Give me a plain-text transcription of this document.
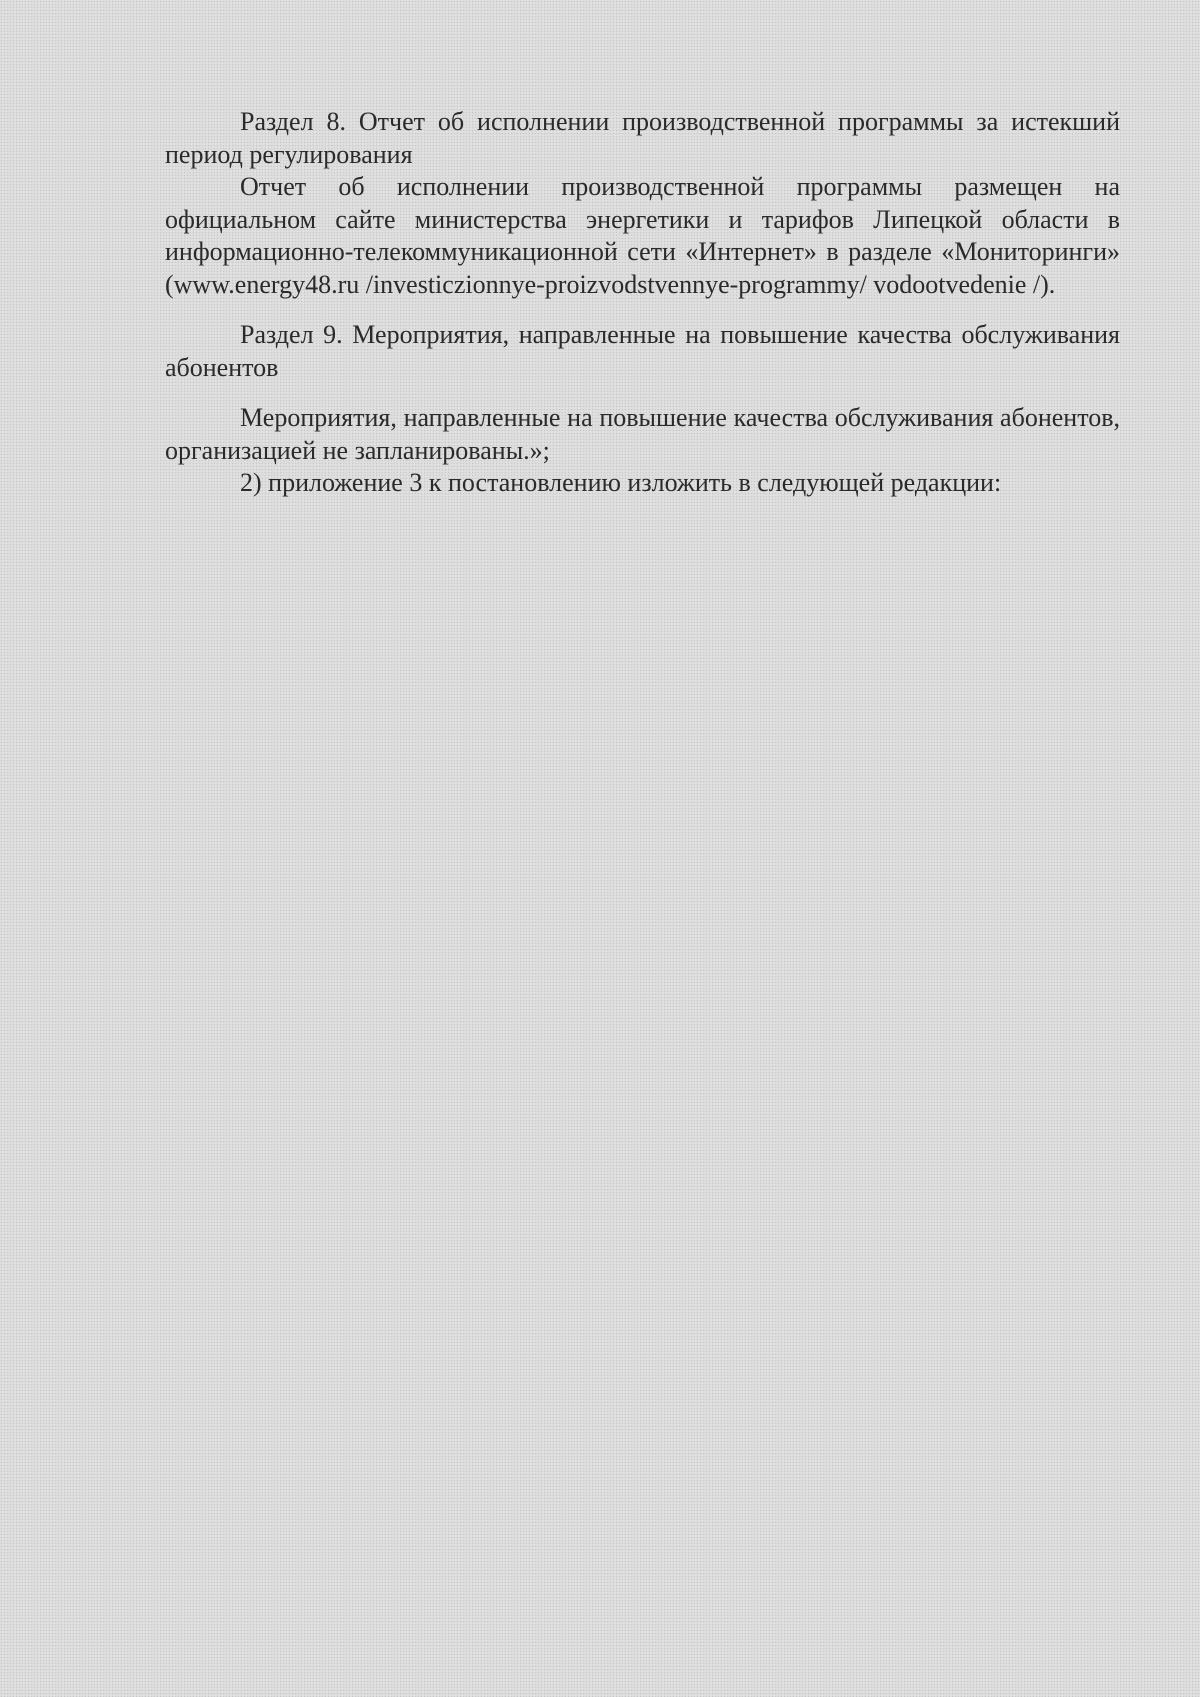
Раздел 8. Отчет об исполнении производственной программы за истекший период регулирования

Отчет об исполнении производственной программы размещен на официальном сайте министерства энергетики и тарифов Липецкой области в информационно-телекоммуникационной сети «Интернет» в разделе «Мониторинги» (www.energy48.ru /investiczionnye-proizvodstvennye-programmy/ vodootvedenie /).

Раздел 9. Мероприятия, направленные на повышение качества обслуживания абонентов

Мероприятия, направленные на повышение качества обслуживания абонентов, организацией не запланированы.»;

2) приложение 3 к постановлению изложить в следующей редакции:
